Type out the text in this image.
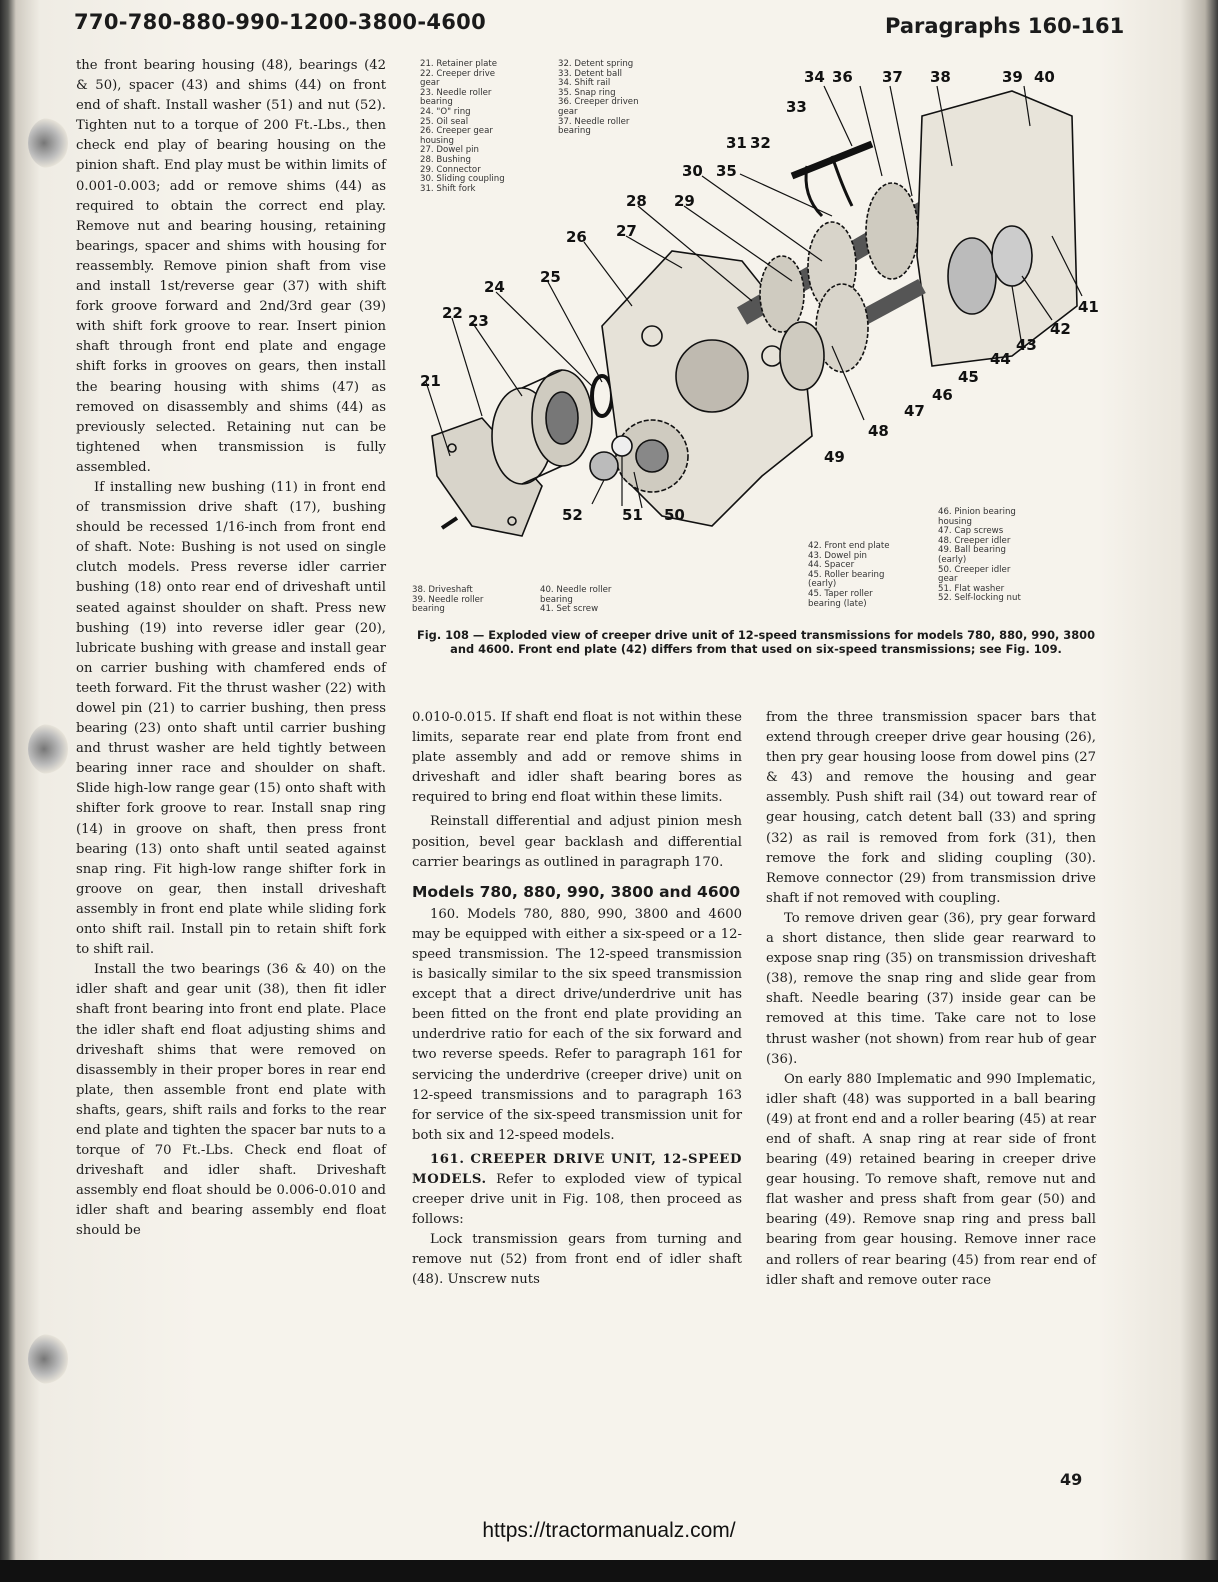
770-780-880-990-1200-3800-4600	Paragraphs 160-161

the front bearing housing (48), bearings (42 & 50), spacer (43) and shims (44) on front end of shaft. Install washer (51) and nut (52). Tighten nut to a torque of 200 Ft.-Lbs., then check end play of bearing housing on the pinion shaft. End play must be within limits of 0.001-0.003; add or remove shims (44) as required to obtain the correct end play. Remove nut and bearing housing, retaining bearings, spacer and shims with housing for reassembly. Remove pinion shaft from vise and install 1st/reverse gear (37) with shift fork groove forward and 2nd/3rd gear (39) with shift fork groove to rear. Insert pinion shaft through front end plate and engage shift forks in grooves on gears, then install the bearing housing with shims (47) as removed on disassembly and shims (44) as previously selected. Retaining nut can be tightened when transmission is fully assembled.

If installing new bushing (11) in front end of transmission drive shaft (17), bushing should be recessed 1/16-inch from front end of shaft. Note: Bushing is not used on single clutch models. Press reverse idler carrier bushing (18) onto rear end of driveshaft until seated against shoulder on shaft. Press new bushing (19) into reverse idler gear (20), lubricate bushing with grease and install gear on carrier bushing with chamfered ends of teeth forward. Fit the thrust washer (22) with dowel pin (21) to carrier bushing, then press bearing (23) onto shaft until carrier bushing and thrust washer are held tightly between bearing inner race and shoulder on shaft. Slide high-low range gear (15) onto shaft with shifter fork groove to rear. Install snap ring (14) in groove on shaft, then press front bearing (13) onto shaft until seated against snap ring. Fit high-low range shifter fork in groove on gear, then install driveshaft assembly in front end plate while sliding fork onto shift rail. Install pin to retain shift fork to shift rail.

Install the two bearings (36 & 40) on the idler shaft and gear unit (38), then fit idler shaft front bearing into front end plate. Place the idler shaft end float adjusting shims and driveshaft shims that were removed on disassembly in their proper bores in rear end plate, then assemble front end plate with shafts, gears, shift rails and forks to the rear end plate and tighten the spacer bar nuts to a torque of 70 Ft.-Lbs. Check end float of driveshaft and idler shaft. Driveshaft assembly end float should be 0.006-0.010 and idler shaft and bearing assembly end float should be

21
22 23
24
25
26 27
28 29
30
31 32
33
34
35
36 37 38	39 40
41
42
43
44
45
46
47
48
49
50
51
52
21. Retainer plate
22. Creeper drive
gear
23. Needle roller
bearing
24. "O" ring
25. Oil seal
26. Creeper gear
housing
27. Dowel pin
28. Bushing
29. Connector
30. Sliding coupling
31. Shift fork
32. Detent spring
33. Detent ball
34. Shift rail
35. Snap ring
36. Creeper driven
gear
37. Needle roller
bearing
38. Driveshaft
39. Needle roller
bearing
40. Needle roller
bearing
41. Set screw
42. Front end plate
43. Dowel pin
44. Spacer
45. Roller bearing
(early)
45. Taper roller
bearing (late)
46. Pinion bearing
housing
47. Cap screws
48. Creeper idler
49. Ball bearing
(early)
50. Creeper idler
gear
51. Flat washer
52. Self-locking nut
Fig. 108 — Exploded view of creeper drive unit of 12-speed transmissions for models 780, 880, 990, 3800 and 4600. Front end plate (42) differs from that used on six-speed transmissions; see Fig. 109.

0.010-0.015. If shaft end float is not within these limits, separate rear end plate from front end plate assembly and add or remove shims in driveshaft and idler shaft bearing bores as required to bring end float within these limits.

Reinstall differential and adjust pinion mesh position, bevel gear backlash and differential carrier bearings as outlined in paragraph 170.

Models 780, 880, 990, 3800 and 4600

160. Models 780, 880, 990, 3800 and 4600 may be equipped with either a six-speed or a 12-speed transmission. The 12-speed transmission is basically similar to the six speed transmission except that a direct drive/underdrive unit has been fitted on the front end plate providing an underdrive ratio for each of the six forward and two reverse speeds. Refer to paragraph 161 for servicing the underdrive (creeper drive) unit on 12-speed transmissions and to paragraph 163 for service of the six-speed transmission unit for both six and 12-speed models.

161. CREEPER DRIVE UNIT, 12-SPEED MODELS. Refer to exploded view of typical creeper drive unit in Fig. 108, then proceed as follows:

Lock transmission gears from turning and remove nut (52) from front end of idler shaft (48). Unscrew nuts

from the three transmission spacer bars that extend through creeper drive gear housing (26), then pry gear housing loose from dowel pins (27 & 43) and remove the housing and gear assembly. Push shift rail (34) out toward rear of gear housing, catch detent ball (33) and spring (32) as rail is removed from fork (31), then remove the fork and sliding coupling (30). Remove connector (29) from transmission drive shaft if not removed with coupling.

To remove driven gear (36), pry gear forward a short distance, then slide gear rearward to expose snap ring (35) on transmission driveshaft (38), remove the snap ring and slide gear from shaft. Needle bearing (37) inside gear can be removed at this time. Take care not to lose thrust washer (not shown) from rear hub of gear (36).

On early 880 Implematic and 990 Implematic, idler shaft (48) was supported in a ball bearing (49) at front end and a roller bearing (45) at rear end of shaft. A snap ring at rear side of front bearing (49) retained bearing in creeper drive gear housing. To remove shaft, remove nut and flat washer and press shaft from gear (50) and bearing (49). Remove snap ring and press ball bearing from gear housing. Remove inner race and rollers of rear bearing (45) from rear end of idler shaft and remove outer race

49
https://tractormanualz.com/
